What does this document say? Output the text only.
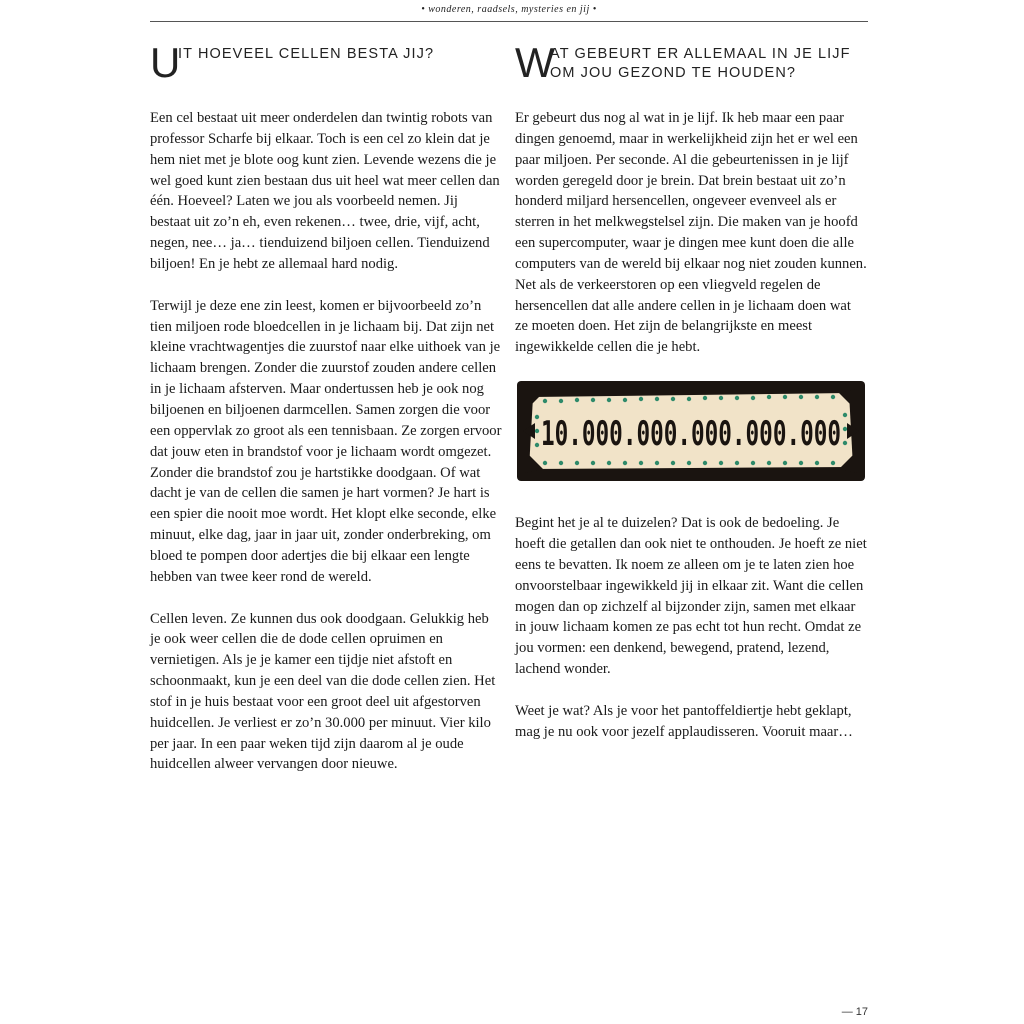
• wonderen, raadsels, mysteries en jij •
U
IT HOEVEEL CELLEN BESTA JIJ?

Een cel bestaat uit meer onderdelen dan twintig robots van professor Scharfe bij elkaar. Toch is een cel zo klein dat je hem niet met je blote oog kunt zien. Levende wezens die je wel goed kunt zien bestaan dus uit heel wat meer cellen dan één. Hoeveel? Laten we jou als voorbeeld nemen. Jij bestaat uit zo’n eh, even rekenen… twee, drie, vijf, acht, negen, nee… ja… tienduizend biljoen cellen. Tienduizend biljoen! En je hebt ze allemaal hard nodig.

Terwijl je deze ene zin leest, komen er bijvoorbeeld zo’n tien miljoen rode bloedcellen in je lichaam bij. Dat zijn net kleine vrachtwagentjes die zuurstof naar elke uithoek van je lichaam brengen. Zonder die zuurstof zouden andere cellen in je lichaam afsterven. Maar ondertussen heb je ook nog biljoenen en biljoenen darmcellen. Samen zorgen die voor een oppervlak zo groot als een tennisbaan. Ze zorgen ervoor dat jouw eten in brandstof voor je lichaam wordt omgezet. Zonder die brandstof zou je hartstikke doodgaan. Of wat dacht je van de cellen die samen je hart vormen? Je hart is een spier die nooit moe wordt. Het klopt elke seconde, elke minuut, elke dag, jaar in jaar uit, zonder onderbreking, om bloed te pompen door adertjes die bij elkaar een lengte hebben van twee keer rond de wereld.

Cellen leven. Ze kunnen dus ook doodgaan. Gelukkig heb je ook weer cellen die de dode cellen opruimen en vernietigen. Als je je kamer een tijdje niet afstoft en schoonmaakt, kun je een deel van die dode cellen zien. Het stof in je huis bestaat voor een groot deel uit afgestorven huidcellen. Je verliest er zo’n 30.000 per minuut. Vier kilo per jaar. In een paar weken tijd zijn daarom al je oude huidcellen alweer vervangen door nieuwe.

W
AT GEBEURT ER ALLEMAAL IN JE LIJF OM JOU GEZOND TE HOUDEN?

Er gebeurt dus nog al wat in je lijf. Ik heb maar een paar dingen genoemd, maar in werkelijkheid zijn het er wel een paar miljoen. Per seconde. Al die gebeurtenissen in je lijf worden geregeld door je brein. Dat brein bestaat uit zo’n honderd miljard hersencellen, ongeveer evenveel als er sterren in het melkwegstelsel zijn. Die maken van je hoofd een supercomputer, waar je dingen mee kunt doen die alle computers van de wereld bij elkaar nog niet zouden kunnen. Net als de verkeerstoren op een vliegveld regelen de hersencellen dat alle andere cellen in je lichaam doen wat ze moeten doen. Het zijn de belangrijkste en meest ingewikkelde cellen die je hebt.

10.000.000.000.000.000

Begint het je al te duizelen? Dat is ook de bedoeling. Je hoeft die getallen dan ook niet te onthouden. Je hoeft ze niet eens te bevatten. Ik noem ze alleen om je te laten zien hoe onvoorstelbaar ingewikkeld jij in elkaar zit. Want die cellen mogen dan op zichzelf al bijzonder zijn, samen met elkaar in jouw lichaam komen ze pas echt tot hun recht. Omdat ze jou vormen: een denkend, bewegend, pratend, lezend, lachend wonder.

Weet je wat? Als je voor het pantoffeldiertje hebt geklapt, mag je nu ook voor jezelf applaudisseren. Vooruit maar…

— 17
